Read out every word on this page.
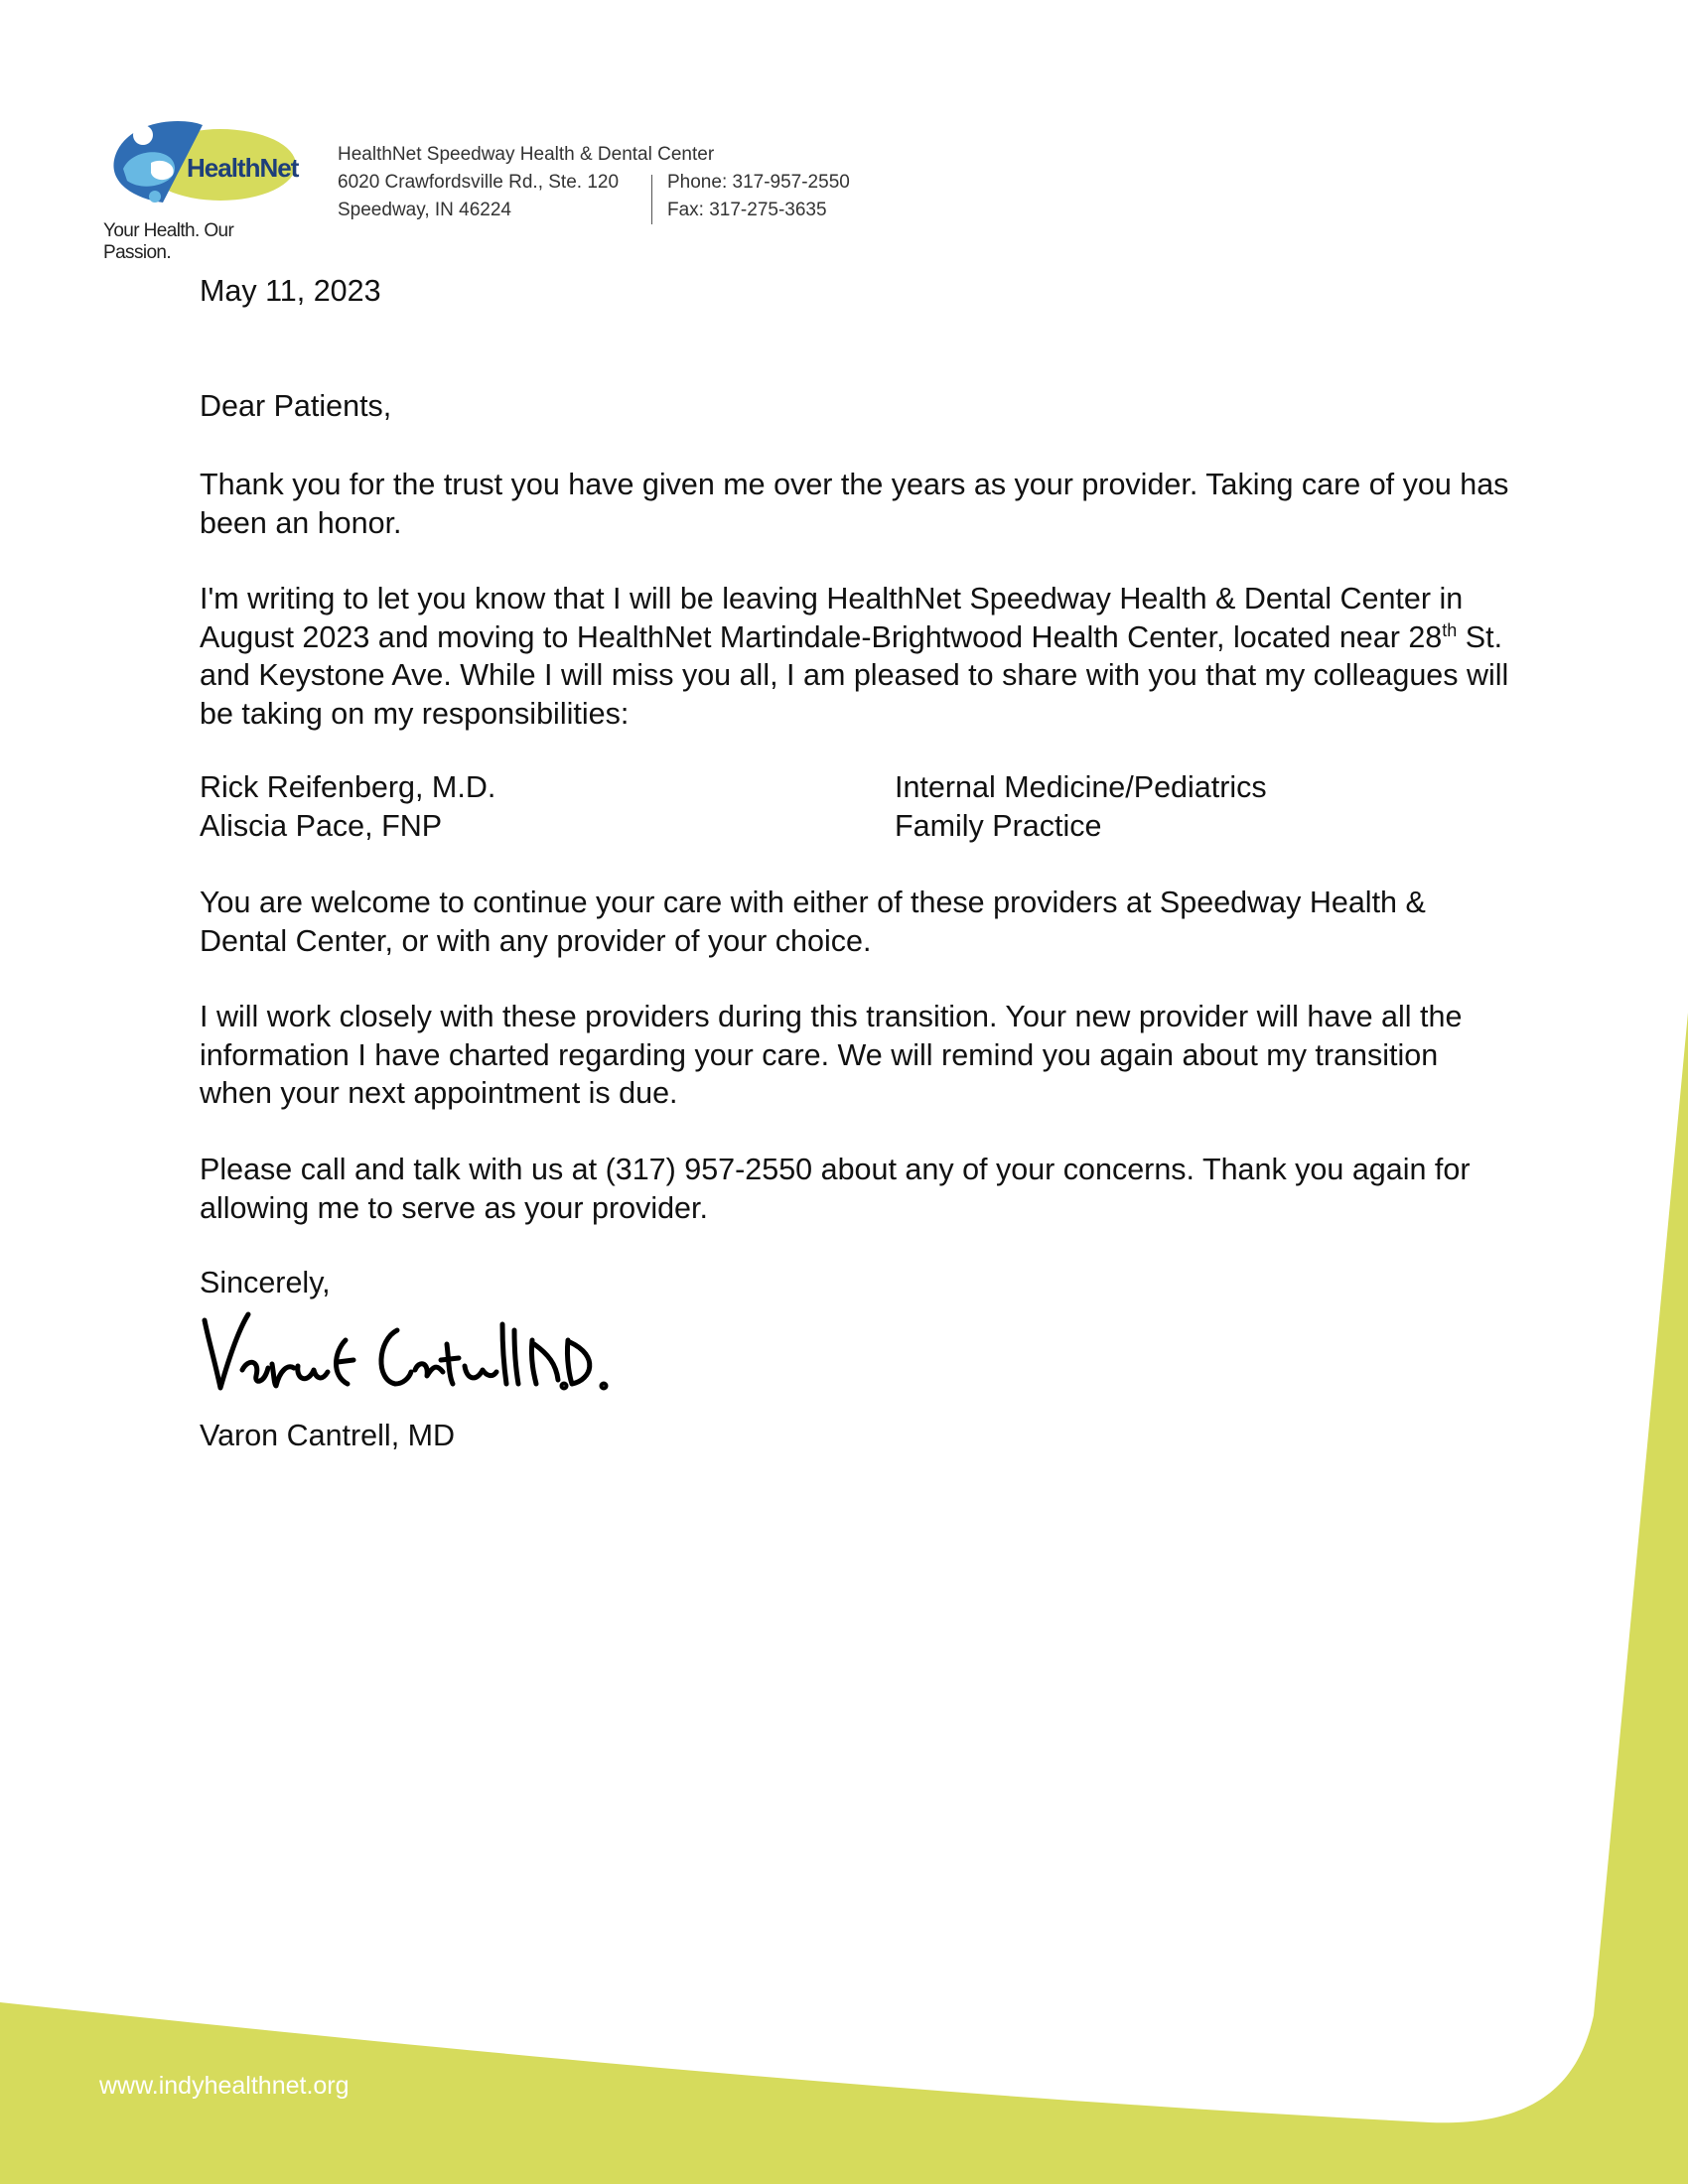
HealthNet
Your Health. Our Passion.
HealthNet Speedway Health & Dental Center
6020 Crawfordsville Rd., Ste. 120
Speedway, IN 46224
Phone: 317-957-2550
Fax: 317-275-3635
May 11, 2023
Dear Patients,
Thank you for the trust you have given me over the years as your provider. Taking care of you has been an honor.
I'm writing to let you know that I will be leaving HealthNet Speedway Health & Dental Center in August 2023 and moving to HealthNet Martindale-Brightwood Health Center, located near 28th St. and Keystone Ave. While I will miss you all, I am pleased to share with you that my colleagues will be taking on my responsibilities:
Rick Reifenberg, M.D.	Internal Medicine/Pediatrics
Aliscia Pace, FNP	Family Practice
You are welcome to continue your care with either of these providers at Speedway Health & Dental Center, or with any provider of your choice.
I will work closely with these providers during this transition. Your new provider will have all the information I have charted regarding your care. We will remind you again about my transition when your next appointment is due.
Please call and talk with us at (317) 957-2550 about any of your concerns. Thank you again for allowing me to serve as your provider.
Sincerely,
Varon Cantrell, MD
www.indyhealthnet.org
